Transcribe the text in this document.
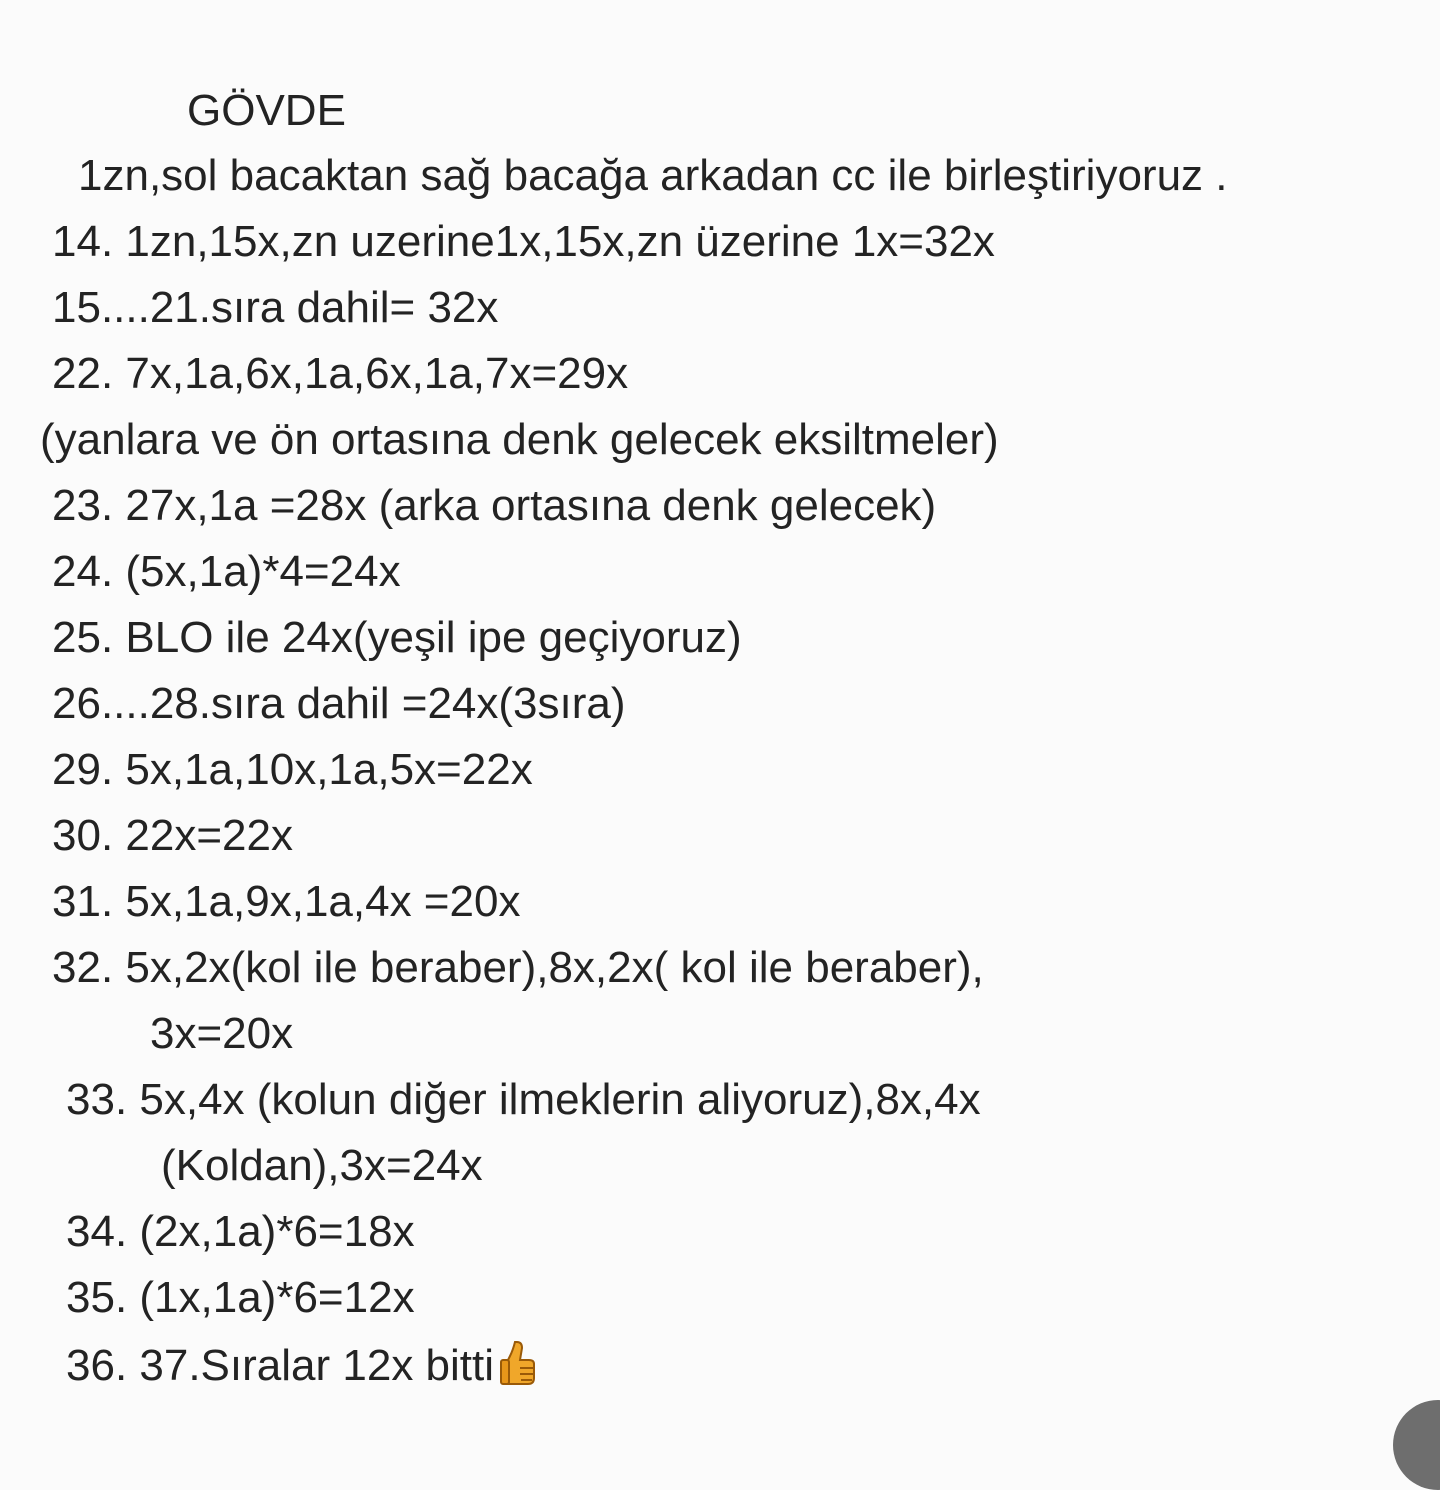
GÖVDE
1zn,sol bacaktan sağ bacağa arkadan cc ile birleştiriyoruz .
14. 1zn,15x,zn uzerine1x,15x,zn üzerine 1x=32x
15....21.sıra dahil= 32x
22. 7x,1a,6x,1a,6x,1a,7x=29x
(yanlara ve ön ortasına denk gelecek eksiltmeler)
23. 27x,1a =28x (arka ortasına denk gelecek)
24. (5x,1a)*4=24x
25. BLO ile 24x(yeşil ipe geçiyoruz)
26....28.sıra dahil =24x(3sıra)
29. 5x,1a,10x,1a,5x=22x
30. 22x=22x
31. 5x,1a,9x,1a,4x =20x
32. 5x,2x(kol ile beraber),8x,2x( kol ile beraber),
3x=20x
33. 5x,4x (kolun diğer ilmeklerin aliyoruz),8x,4x
(Koldan),3x=24x
34. (2x,1a)*6=18x
35. (1x,1a)*6=12x
36. 37.Sıralar 12x bitti
